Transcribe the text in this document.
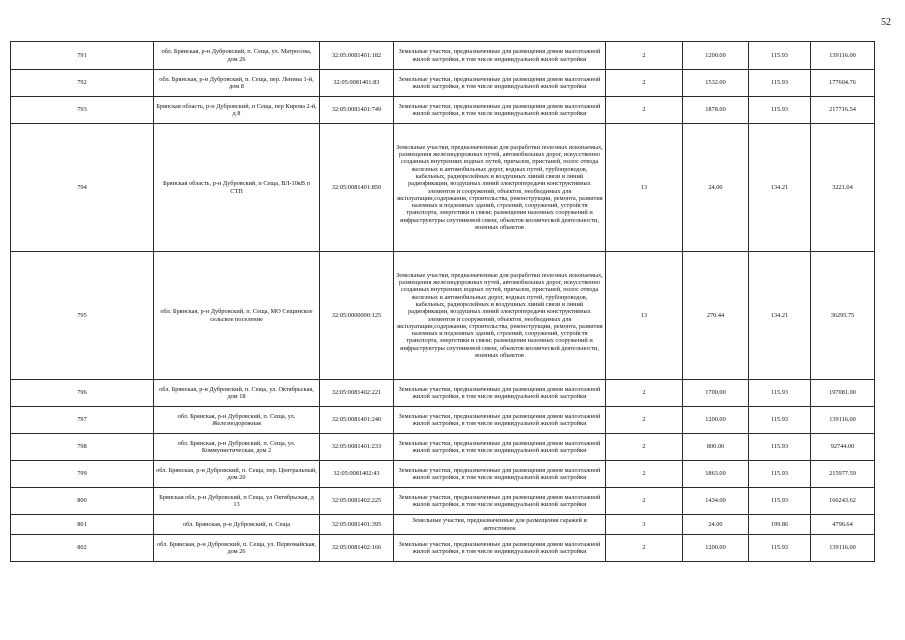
52
791	обл. Брянская, р-н Дубровский, п. Сеща, ул. Матросова, дом 26	32:05:0081401:182	Земельные участки, предназначенные для размещения домов малоэтажной жилой застройки, в том числе индивидуальной жилой застройки	2	1200.00	115.93	139116.00
792	обл. Брянская, р-н Дубровский, п. Сеща, пер. Ленина 1-й, дом 8	32:05:0081401:83	Земельные участки, предназначенные для размещения домов малоэтажной жилой застройки, в том числе индивидуальной жилой застройки	2	1532.00	115.93	177604.76
793	Брянская область, р-н Дубровский, п Сеща, пер Кирова 2-й, д 8	32:05:0081401:749	Земельные участки, предназначенные для размещения домов малоэтажной жилой застройки, в том числе индивидуальной жилой застройки	2	1878.00	115.93	217716.54
794	Брянская область, р-н Дубровский, п Сеща, ВЛ-10кВ п СТП	32:05:0081401:850	Земельные участки, предназначенные для разработки полезных ископаемых, размещения железнодорожных путей, автомобильных дорог, искусственно созданных внутренних водных путей, причалов, пристаней, полос отвода железных и автомобильных дорог, водных путей, трубопроводов, кабельных, радиорелейных и воздушных линий связи и линий радиофикации, воздушных линий электропередачи конструктивных элементов и сооружений, объектов, необходимых для эксплуатации,содержания, строительства, реконструкции, ремонта, развития наземных и подземных зданий, строений, сооружений, устройств транспорта, энергетики и связи; размещения наземных сооружений и инфраструктуры спутниковой связи, объектов космической деятельности, военных объектов	13	24.00	134.21	3221.04
795	обл. Брянская, р-н Дубровский, п. Сеща, МО Сещинское сельское поселение	32:05:0000000:125	Земельные участки, предназначенные для разработки полезных ископаемых, размещения железнодорожных путей, автомобильных дорог, искусственно созданных внутренних водных путей, причалов, пристаней, полос отвода железных и автомобильных дорог, водных путей, трубопроводов, кабельных, радиорелейных и воздушных линий связи и линий радиофикации, воздушных линий электропередачи конструктивных элементов и сооружений, объектов, необходимых для эксплуатации,содержания, строительства, реконструкции, ремонта, развития наземных и подземных зданий, строений, сооружений, устройств транспорта, энергетики и связи; размещения наземных сооружений и инфраструктуры спутниковой связи, объектов космической деятельности, военных объектов	13	270.44	134.21	36295.75
796	обл. Брянская, р-н Дубровский, п. Сеща, ул. Октябрьская, дом 18	32:05:0081402:221	Земельные участки, предназначенные для размещения домов малоэтажной жилой застройки, в том числе индивидуальной жилой застройки	2	1700.00	115.93	197081.00
797	обл. Брянская, р-н Дубровский, п. Сеща, ул. Железнодорожная	32:05:0081401:240	Земельные участки, предназначенные для размещения домов малоэтажной жилой застройки, в том числе индивидуальной жилой застройки	2	1200.00	115.93	139116.00
798	обл. Брянская, р-н Дубровский, п. Сеща, ул. Коммунистическая, дом 2	32:05:0081401:233	Земельные участки, предназначенные для размещения домов малоэтажной жилой застройки, в том числе индивидуальной жилой застройки	2	800.00	115.93	92744.00
799	обл. Брянская, р-н Дубровский, п. Сеща, пер. Центральный, дом 20	32:05:0081402:43	Земельные участки, предназначенные для размещения домов малоэтажной жилой застройки, в том числе индивидуальной жилой застройки	2	1863.00	115.93	215977.59
800	Брянская обл, р-н Дубровский, п Сеща, ул Октябрьская, д 13	32:05:0081402:225	Земельные участки, предназначенные для размещения домов малоэтажной жилой застройки, в том числе индивидуальной жилой застройки	2	1434.00	115.93	166243.62
801	обл. Брянская, р-н Дубровский, п. Сеща	32:05:0081401:395	Земельные участки, предназначенные для размещения гаражей и автостоянок	3	24.00	199.86	4796.64
802	обл. Брянская, р-н Дубровский, п. Сеща, ул. Первомайская, дом 26	32:05:0081402:166	Земельные участки, предназначенные для размещения домов малоэтажной жилой застройки, в том числе индивидуальной жилой застройки	2	1200.00	115.93	139116.00
